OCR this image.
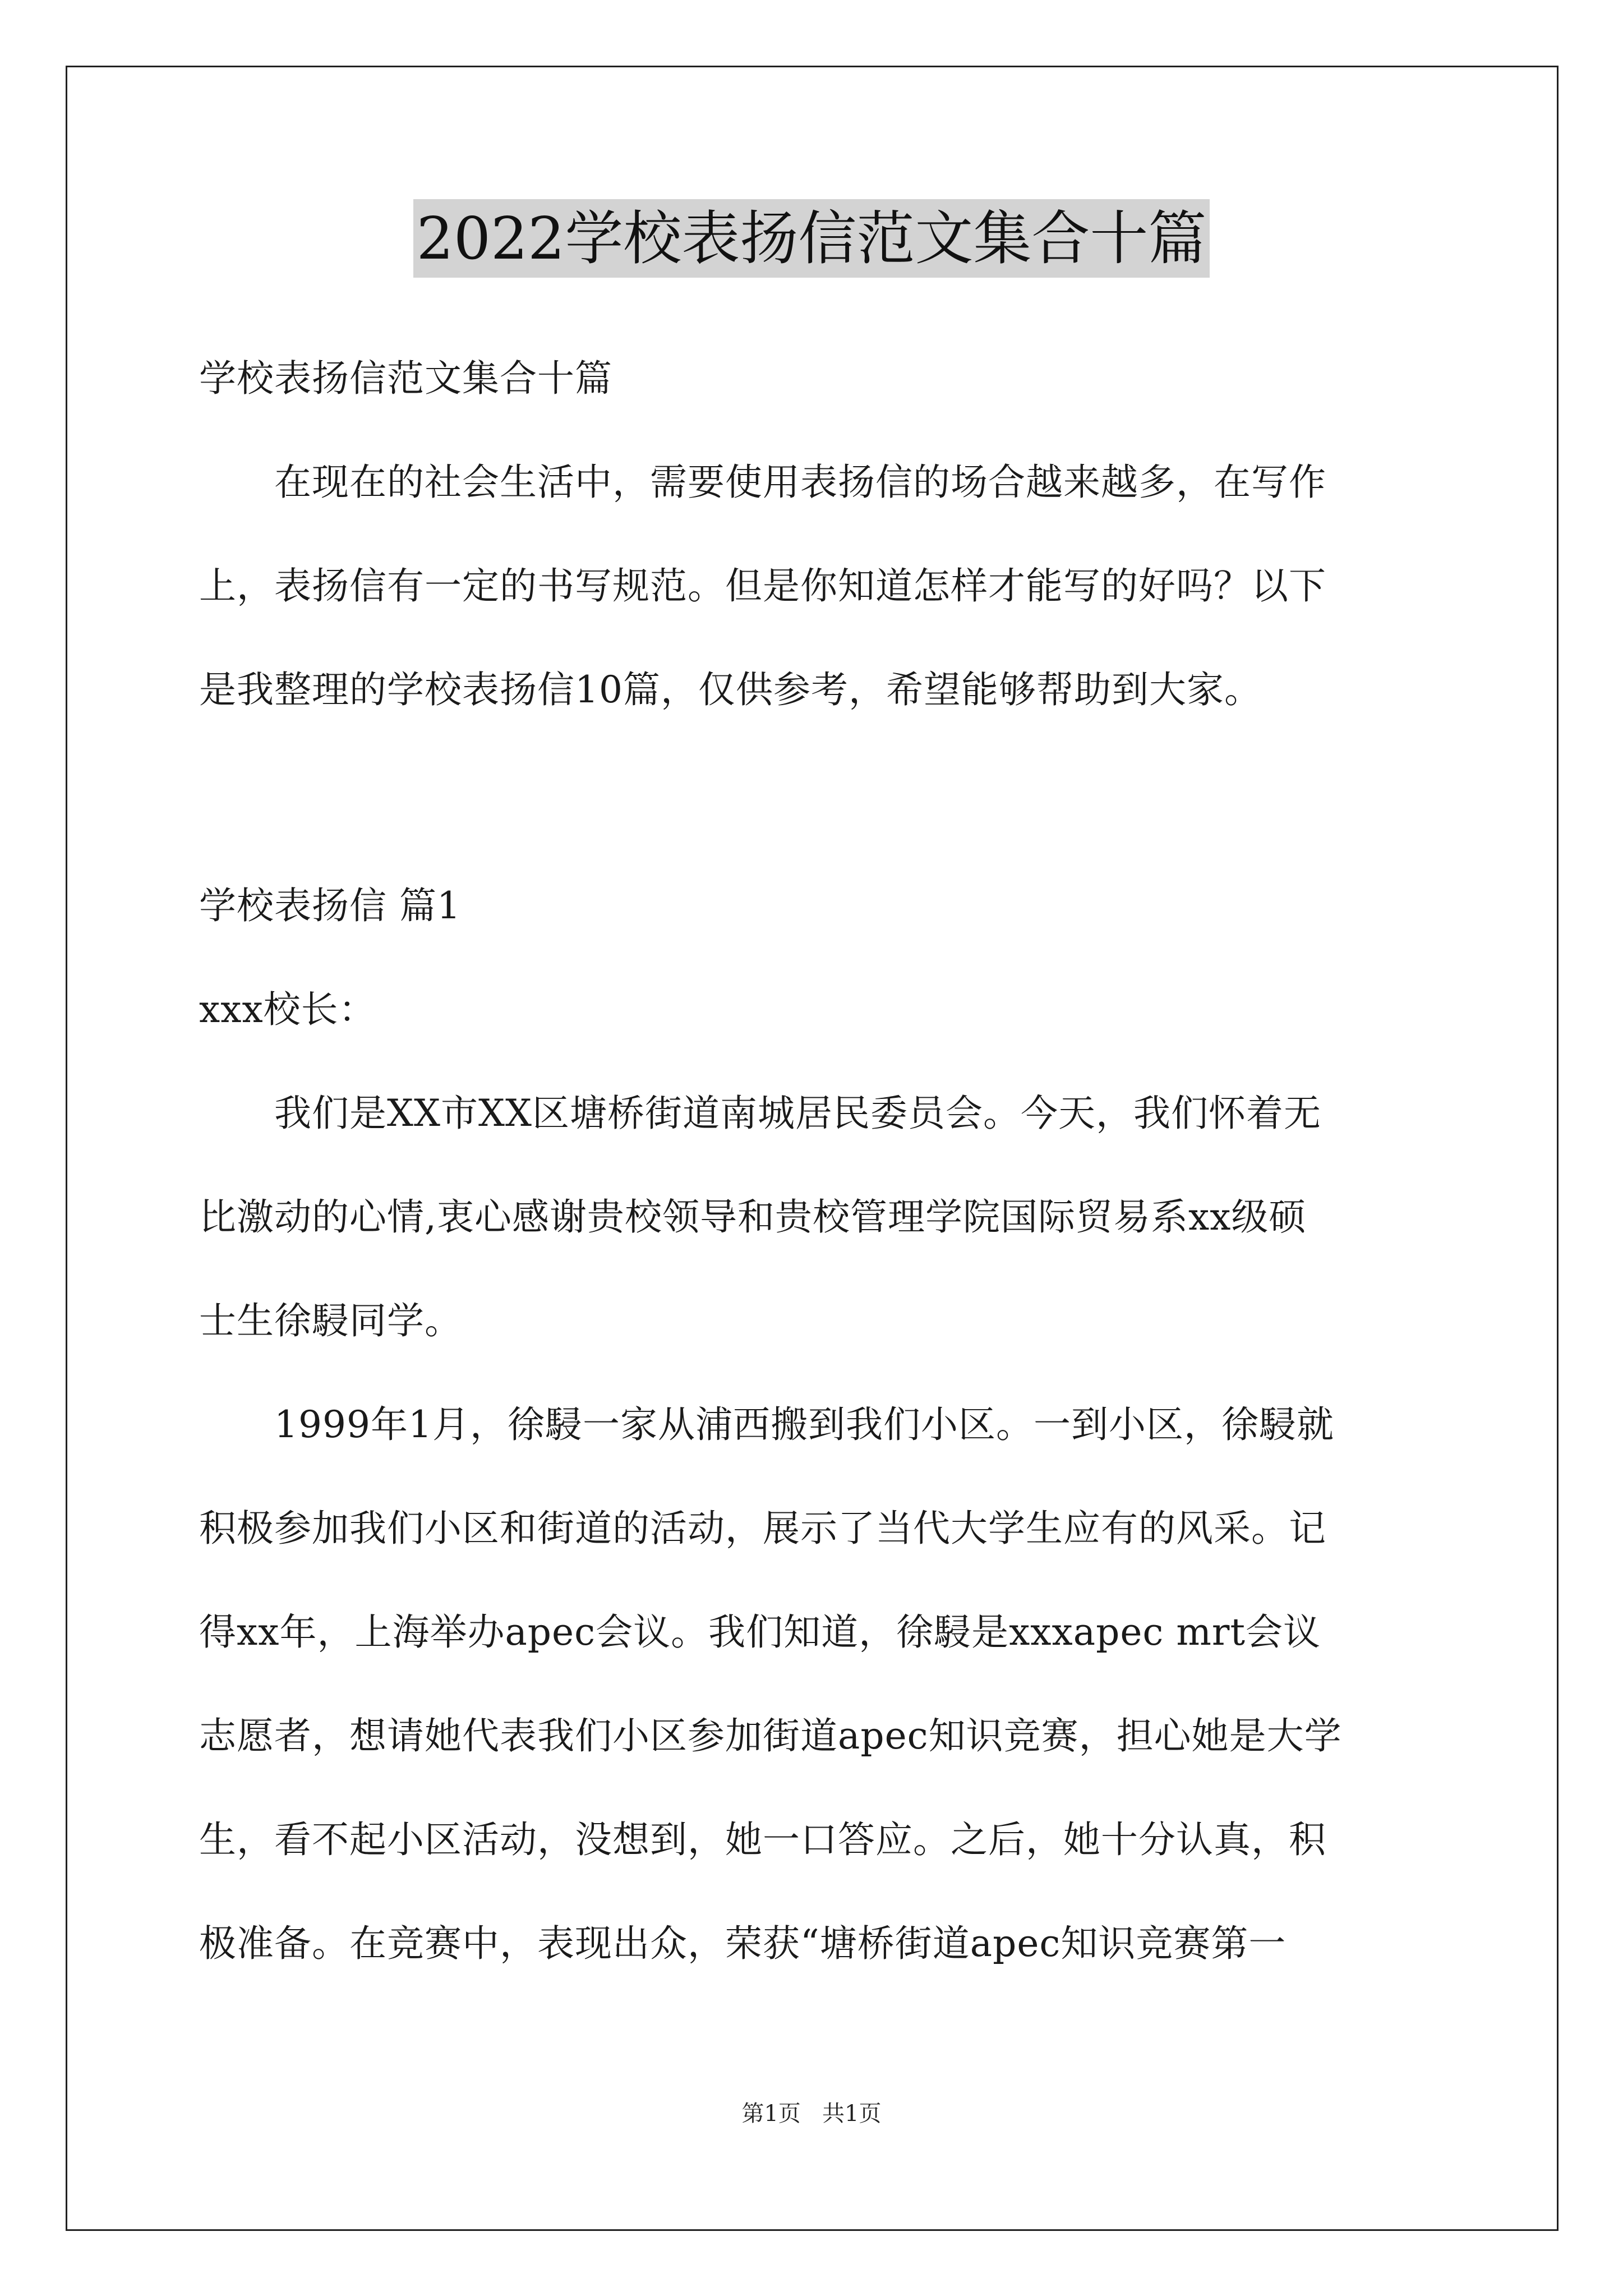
2022学校表扬信范文集合十篇
学校表扬信范文集合十篇
　　在现在的社会生活中，需要使用表扬信的场合越来越多，在写作
上，表扬信有一定的书写规范。但是你知道怎样才能写的好吗？以下
是我整理的学校表扬信10篇，仅供参考，希望能够帮助到大家。
学校表扬信 篇1
xxx校长：
　　我们是XX市XX区塘桥街道南城居民委员会。今天，我们怀着无
比激动的心情,衷心感谢贵校领导和贵校管理学院国际贸易系xx级硕
士生徐駸同学。
　　1999年1月，徐駸一家从浦西搬到我们小区。一到小区，徐駸就
积极参加我们小区和街道的活动，展示了当代大学生应有的风采。记
得xx年，上海举办apec会议。我们知道，徐駸是xxxapec mrt会议
志愿者，想请她代表我们小区参加街道apec知识竞赛，担心她是大学
生，看不起小区活动，没想到，她一口答应。之后，她十分认真，积
极准备。在竞赛中，表现出众，荣获“塘桥街道apec知识竞赛第一
第1页   共1页
